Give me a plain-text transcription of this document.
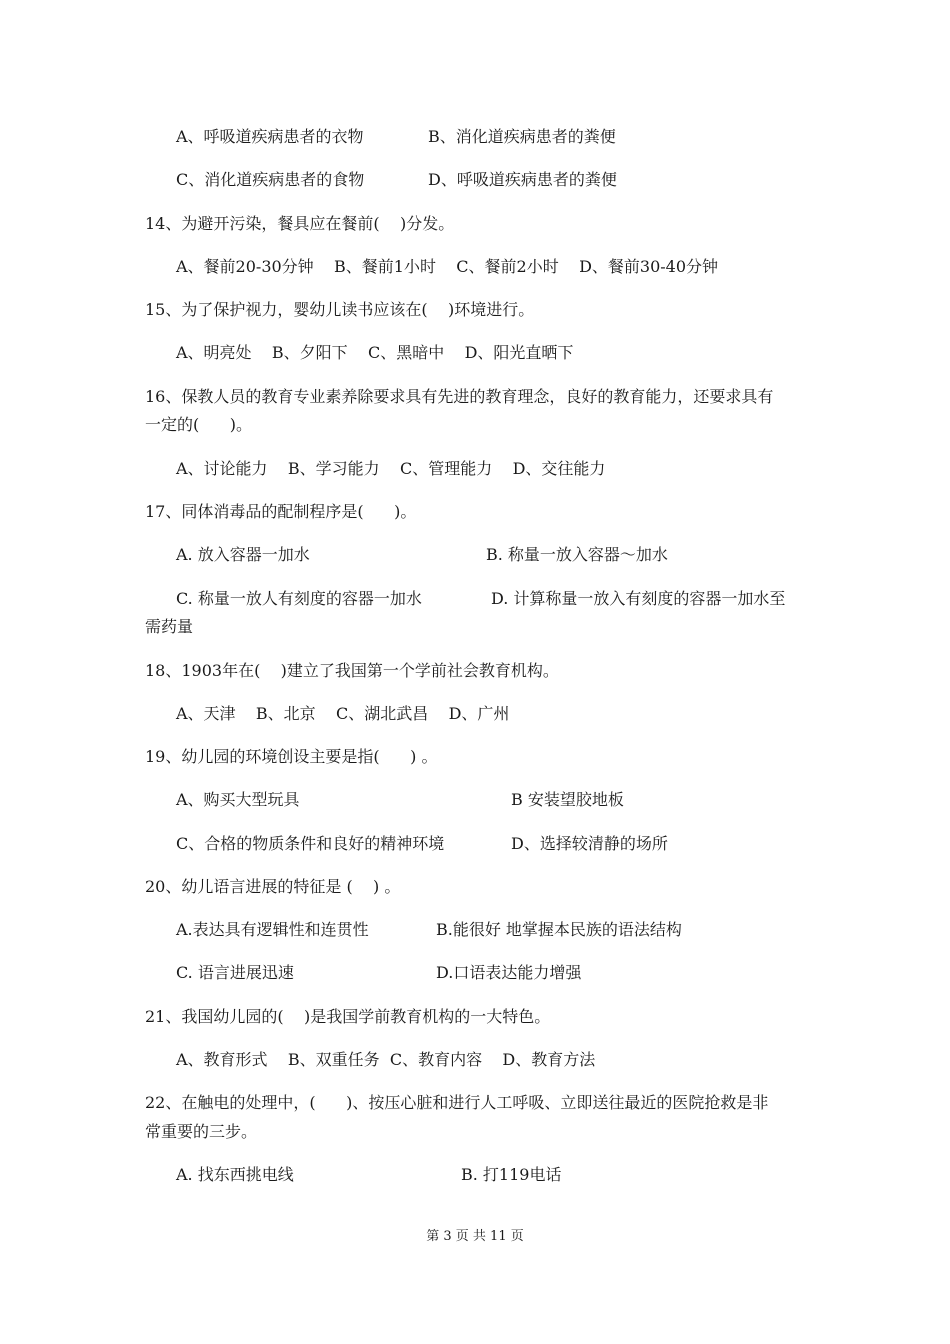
A、呼吸道疾病患者的衣物	B、消化道疾病患者的粪便
C、消化道疾病患者的食物	D、呼吸道疾病患者的粪便
14、为避开污染，餐具应在餐前(    )分发。
A、餐前20-30分钟    B、餐前1小时    C、餐前2小时    D、餐前30-40分钟
15、为了保护视力，婴幼儿读书应该在(    )环境进行。
A、明亮处    B、夕阳下    C、黑暗中    D、阳光直晒下
16、保教人员的教育专业素养除要求具有先进的教育理念，良好的教育能力，还要求具有
一定的(      )。
A、讨论能力    B、学习能力    C、管理能力    D、交往能力
17、同体消毒品的配制程序是(      )。
A. 放入容器一加水	B. 称量一放入容器～加水
C. 称量一放人有刻度的容器一加水	D. 计算称量一放入有刻度的容器一加水至
需药量
18、1903年在(    )建立了我国第一个学前社会教育机构。
A、天津    B、北京    C、湖北武昌    D、广州
19、幼儿园的环境创设主要是指(      ) 。
A、购买大型玩具	B 安装望胶地板
C、合格的物质条件和良好的精神环境	D、选择较清静的场所
20、幼儿语言进展的特征是 (    ) 。
A.表达具有逻辑性和连贯性	B.能很好 地掌握本民族的语法结构
C. 语言进展迅速	D.口语表达能力增强
21、我国幼儿园的(    )是我国学前教育机构的一大特色。
A、教育形式    B、双重任务  C、教育内容    D、教育方法
22、在触电的处理中，(      )、按压心脏和进行人工呼吸、立即送往最近的医院抢救是非
常重要的三步。
A. 找东西挑电线	B. 打119电话
第 3 页 共 11 页
